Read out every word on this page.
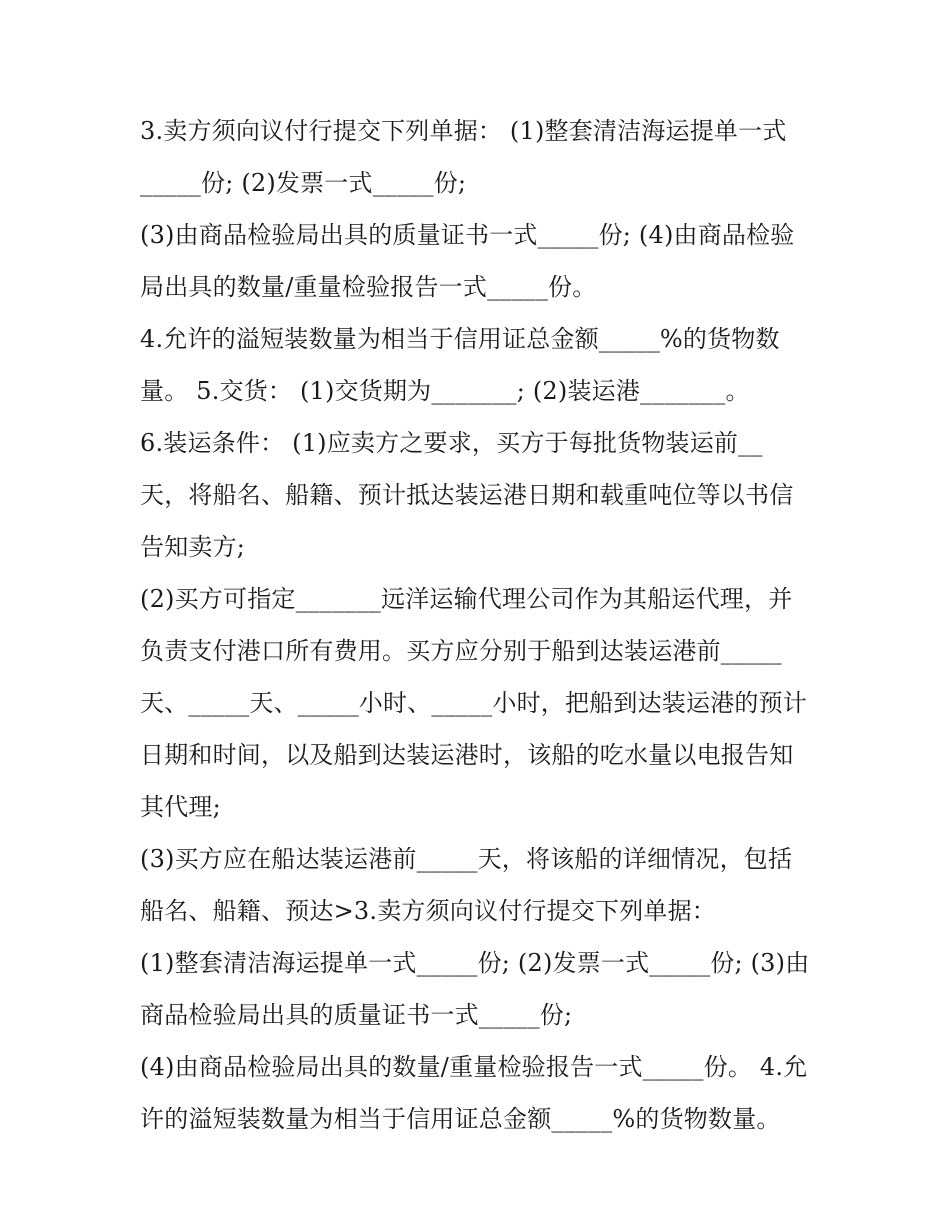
3.卖方须向议付行提交下列单据： (1)整套清洁海运提单一式
_____份; (2)发票一式_____份;
(3)由商品检验局出具的质量证书一式_____份; (4)由商品检验
局出具的数量/重量检验报告一式_____份。
4.允许的溢短装数量为相当于信用证总金额_____%的货物数
量。 5.交货： (1)交货期为_______; (2)装运港_______。
6.装运条件： (1)应卖方之要求，买方于每批货物装运前__
天，将船名、船籍、预计抵达装运港日期和载重吨位等以书信
告知卖方;
(2)买方可指定_______远洋运输代理公司作为其船运代理，并
负责支付港口所有费用。买方应分别于船到达装运港前_____
天、_____天、_____小时、_____小时，把船到达装运港的预计
日期和时间，以及船到达装运港时，该船的吃水量以电报告知
其代理;
(3)买方应在船达装运港前_____天，将该船的详细情况，包括
船名、船籍、预达>3.卖方须向议付行提交下列单据：
(1)整套清洁海运提单一式_____份; (2)发票一式_____份; (3)由
商品检验局出具的质量证书一式_____份;
(4)由商品检验局出具的数量/重量检验报告一式_____份。 4.允
许的溢短装数量为相当于信用证总金额_____%的货物数量。
